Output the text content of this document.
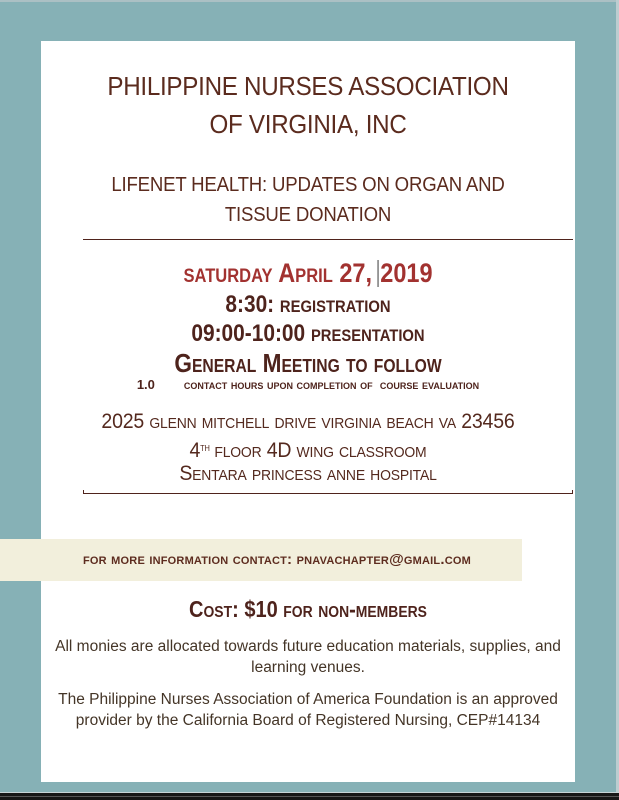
PHILIPPINE NURSES ASSOCIATION
OF VIRGINIA, INC
LIFENET HEALTH: UPDATES ON ORGAN AND
TISSUE DONATION
saturday April 27, 2019
8:30: registration
09:00-10:00 presentation
General Meeting to follow
1.0 contact hours upon completion of  course evaluation
2025 glenn mitchell drive virginia beach va 23456
4th floor 4D wing classroom
Sentara princess anne hospital
for more information contact: pnavachapter@gmail.com
Cost: $10 for non-members
All monies are allocated towards future education materials, supplies, and
learning venues.
The Philippine Nurses Association of America Foundation is an approved
provider by the California Board of Registered Nursing, CEP#14134
